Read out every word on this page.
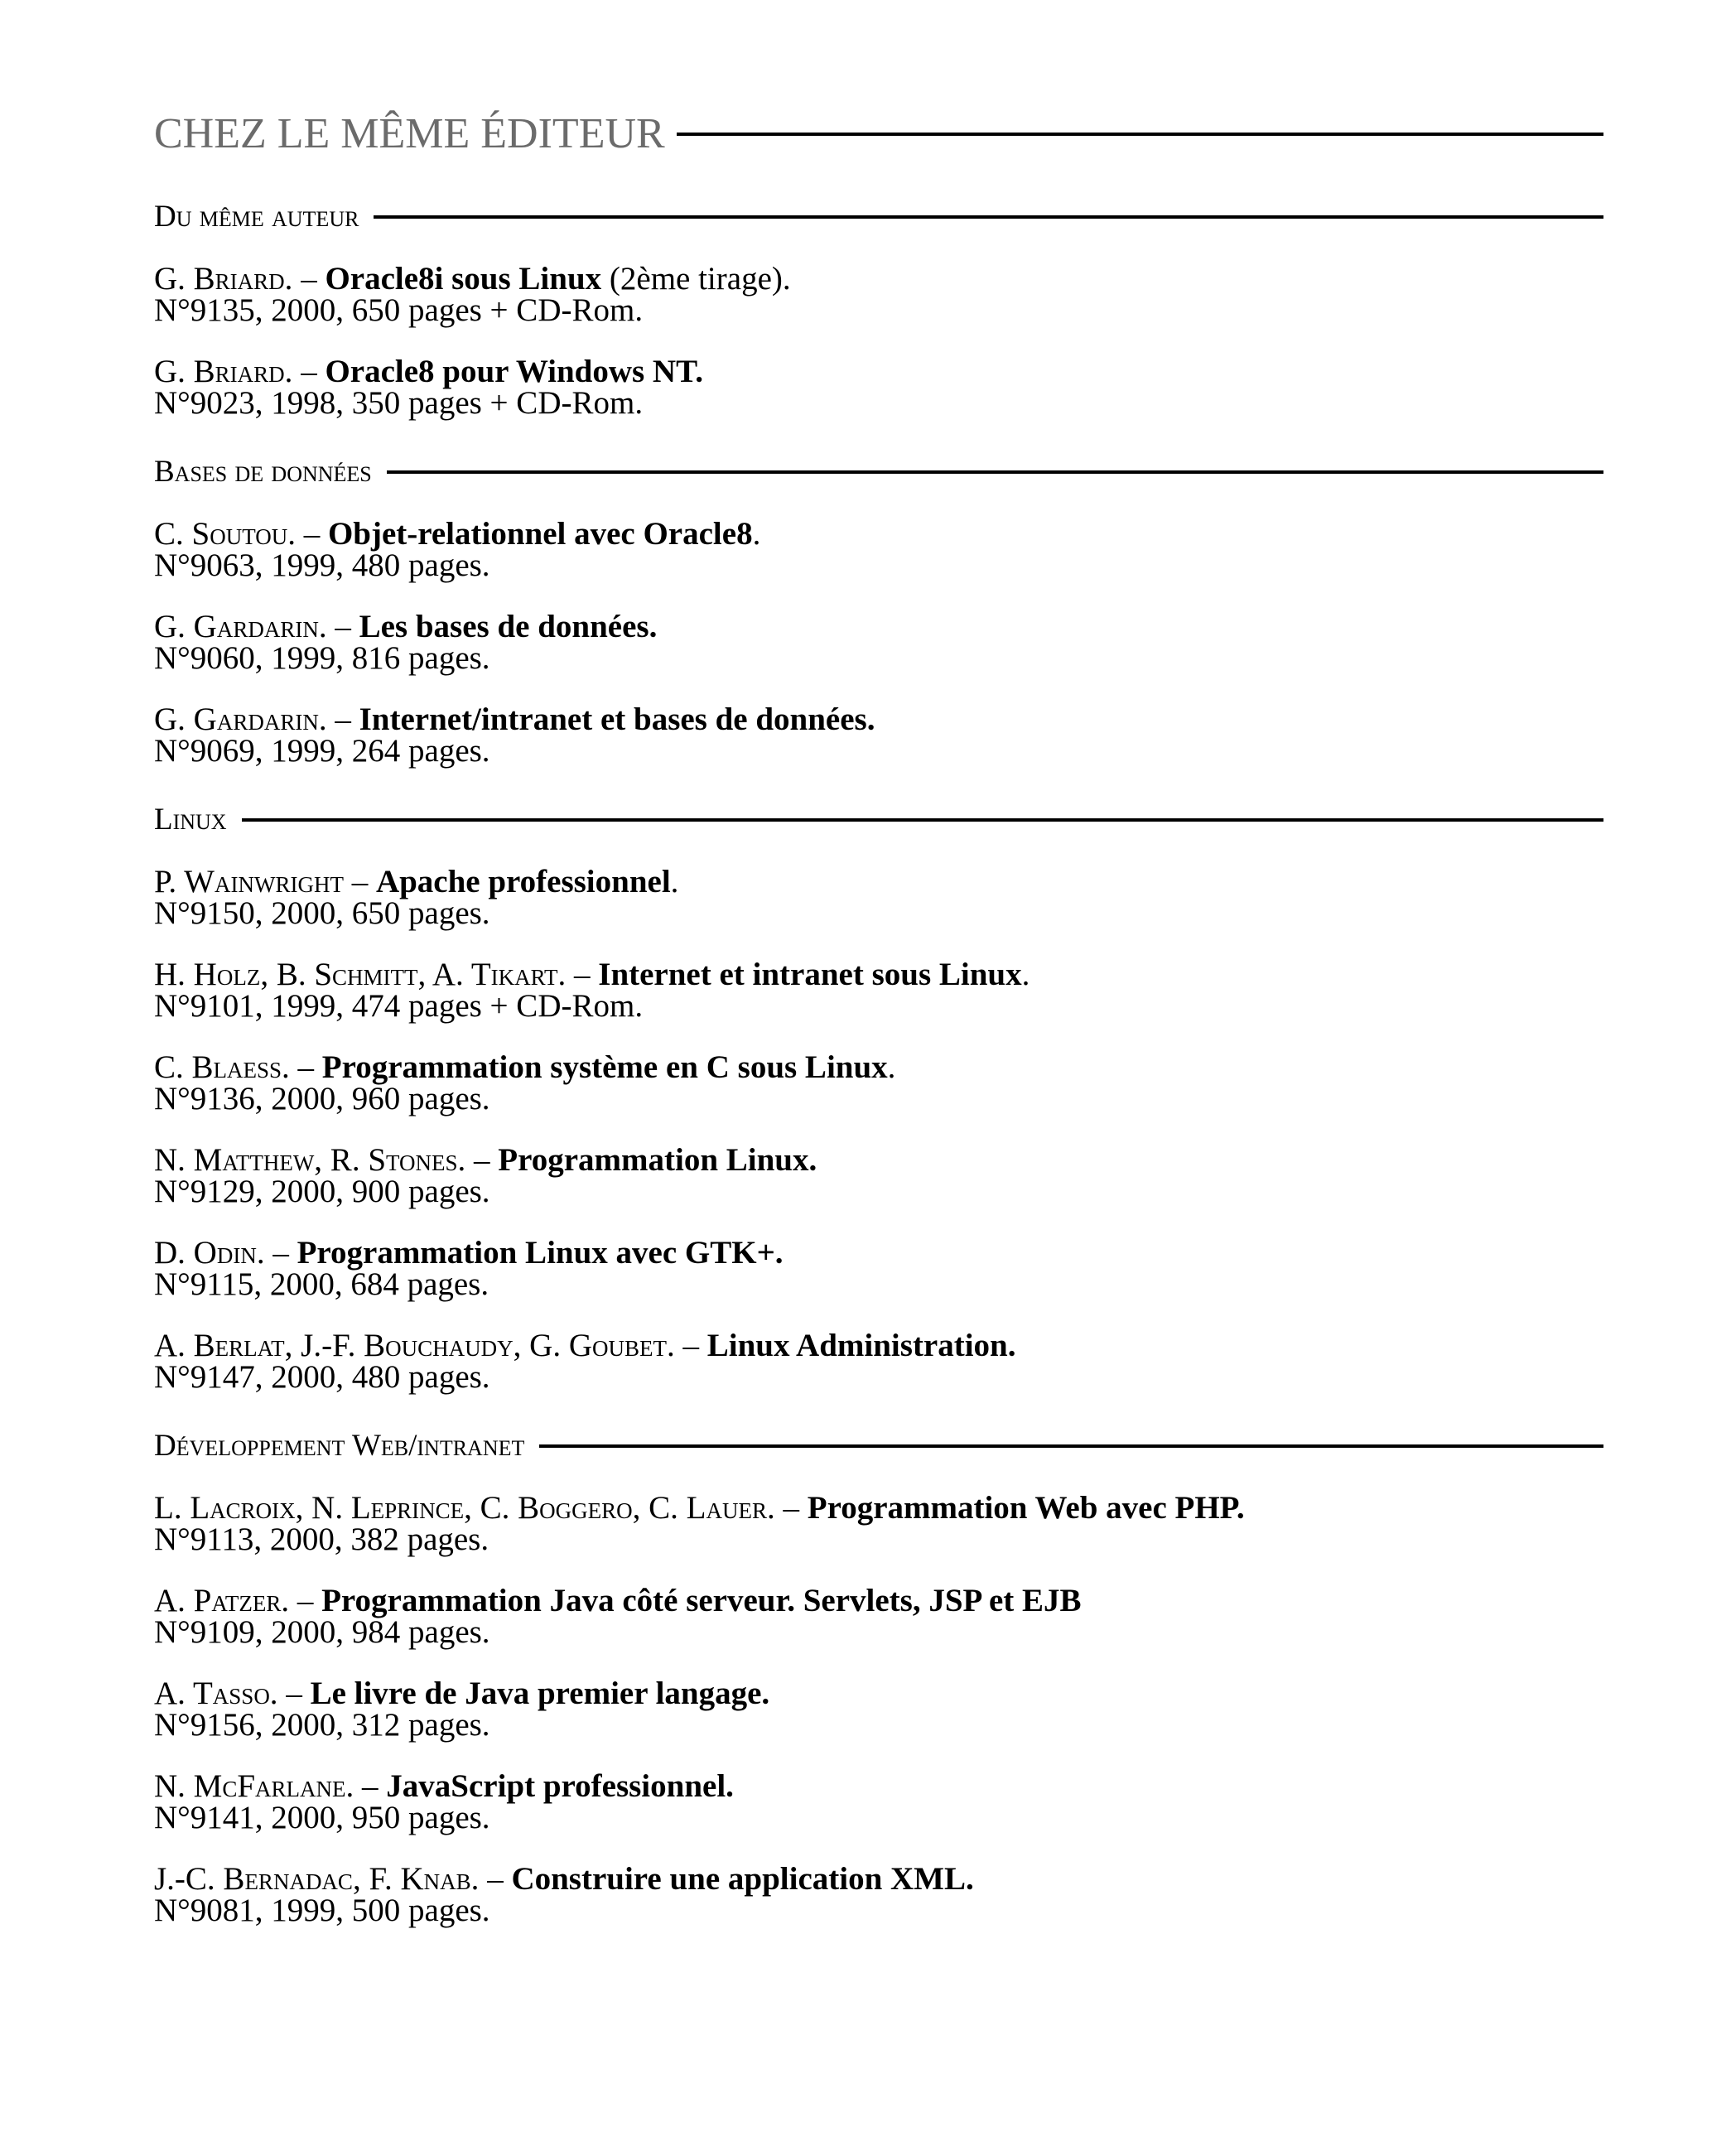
CHEZ LE MÊME ÉDITEUR
Du même auteur
G. Briard. – Oracle8i sous Linux (2ème tirage).
N°9135, 2000, 650 pages + CD-Rom.
G. Briard. – Oracle8 pour Windows NT.
N°9023, 1998, 350 pages + CD-Rom.
Bases de données
C. Soutou. – Objet-relationnel avec Oracle8.
N°9063, 1999, 480 pages.
G. Gardarin. – Les bases de données.
N°9060, 1999, 816 pages.
G. Gardarin. – Internet/intranet et bases de données.
N°9069, 1999, 264 pages.
Linux
P. Wainwright – Apache professionnel.
N°9150, 2000, 650 pages.
H. Holz, B. Schmitt, A. Tikart. – Internet et intranet sous Linux.
N°9101, 1999, 474 pages + CD-Rom.
C. Blaess. – Programmation système en C sous Linux.
N°9136, 2000, 960 pages.
N. Matthew, R. Stones. – Programmation Linux.
N°9129, 2000, 900 pages.
D. Odin. – Programmation Linux avec GTK+.
N°9115, 2000, 684 pages.
A. Berlat, J.-F. Bouchaudy, G. Goubet. – Linux Administration.
N°9147, 2000, 480 pages.
Développement Web/intranet
L. Lacroix, N. Leprince, C. Boggero, C. Lauer. – Programmation Web avec PHP.
N°9113, 2000, 382 pages.
A. Patzer. – Programmation Java côté serveur. Servlets, JSP et EJB
N°9109, 2000, 984 pages.
A. Tasso. – Le livre de Java premier langage.
N°9156, 2000, 312 pages.
N. McFarlane. – JavaScript professionnel.
N°9141, 2000, 950 pages.
J.-C. Bernadac, F. Knab. – Construire une application XML.
N°9081, 1999, 500 pages.
